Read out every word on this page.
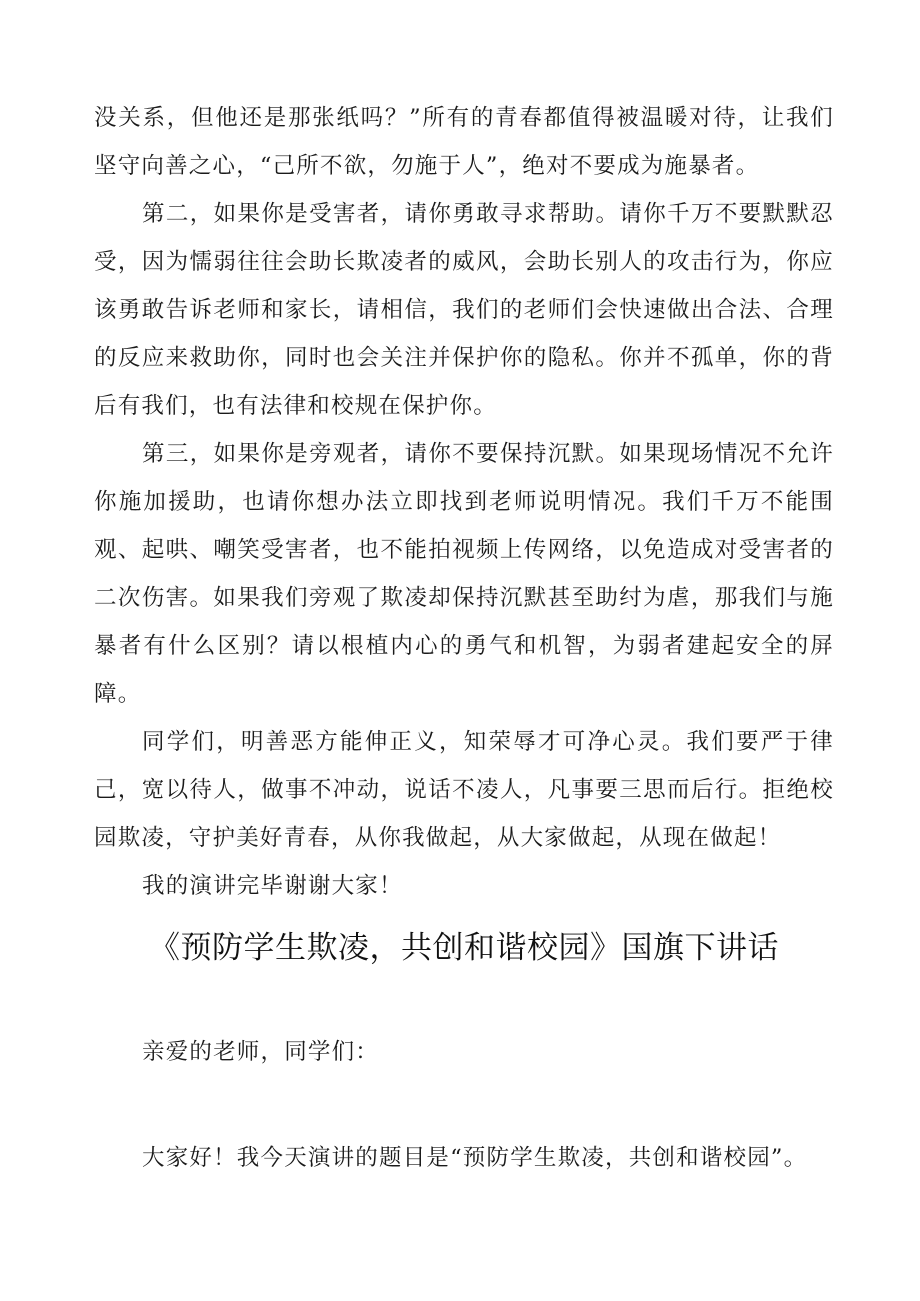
没关系，但他还是那张纸吗？”所有的青春都值得被温暖对待，让我们坚守向善之心，“己所不欲，勿施于人”，绝对不要成为施暴者。

第二，如果你是受害者，请你勇敢寻求帮助。请你千万不要默默忍受，因为懦弱往往会助长欺凌者的威风，会助长别人的攻击行为，你应该勇敢告诉老师和家长，请相信，我们的老师们会快速做出合法、合理的反应来救助你，同时也会关注并保护你的隐私。你并不孤单，你的背后有我们，也有法律和校规在保护你。

第三，如果你是旁观者，请你不要保持沉默。如果现场情况不允许你施加援助，也请你想办法立即找到老师说明情况。我们千万不能围观、起哄、嘲笑受害者，也不能拍视频上传网络，以免造成对受害者的二次伤害。如果我们旁观了欺凌却保持沉默甚至助纣为虐，那我们与施暴者有什么区别？请以根植内心的勇气和机智，为弱者建起安全的屏障。

同学们，明善恶方能伸正义，知荣辱才可净心灵。我们要严于律己，宽以待人，做事不冲动，说话不凌人，凡事要三思而后行。拒绝校园欺凌，守护美好青春，从你我做起，从大家做起，从现在做起！

我的演讲完毕谢谢大家！

《预防学生欺凌，共创和谐校园》国旗下讲话

亲爱的老师，同学们：

大家好！我今天演讲的题目是“预防学生欺凌，共创和谐校园”。
